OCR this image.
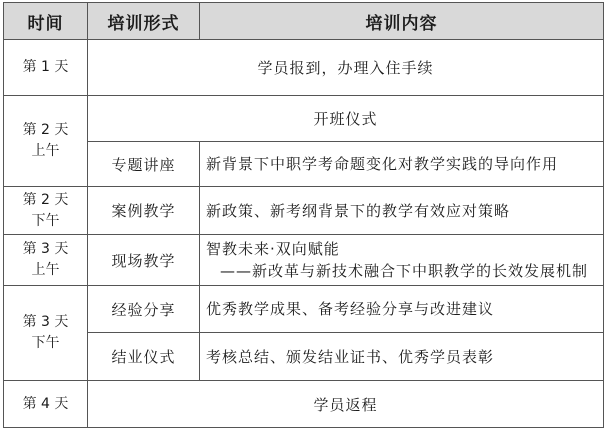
时间	培训形式	培训内容

第 1 天	学员报到，办理入住手续	

第 2 天
上午	开班仪式	
	专题讲座	新背景下中职学考命题变化对教学实践的导向作用

第 2 天
下午	案例教学	新政策、新考纲背景下的教学有效应对策略

第 3 天
上午	现场教学	智教未来·双向赋能
——新改革与新技术融合下中职教学的长效发展机制

第 3 天
下午	经验分享	优秀教学成果、备考经验分享与改进建议
	结业仪式	考核总结、颁发结业证书、优秀学员表彰

第 4 天	学员返程	
